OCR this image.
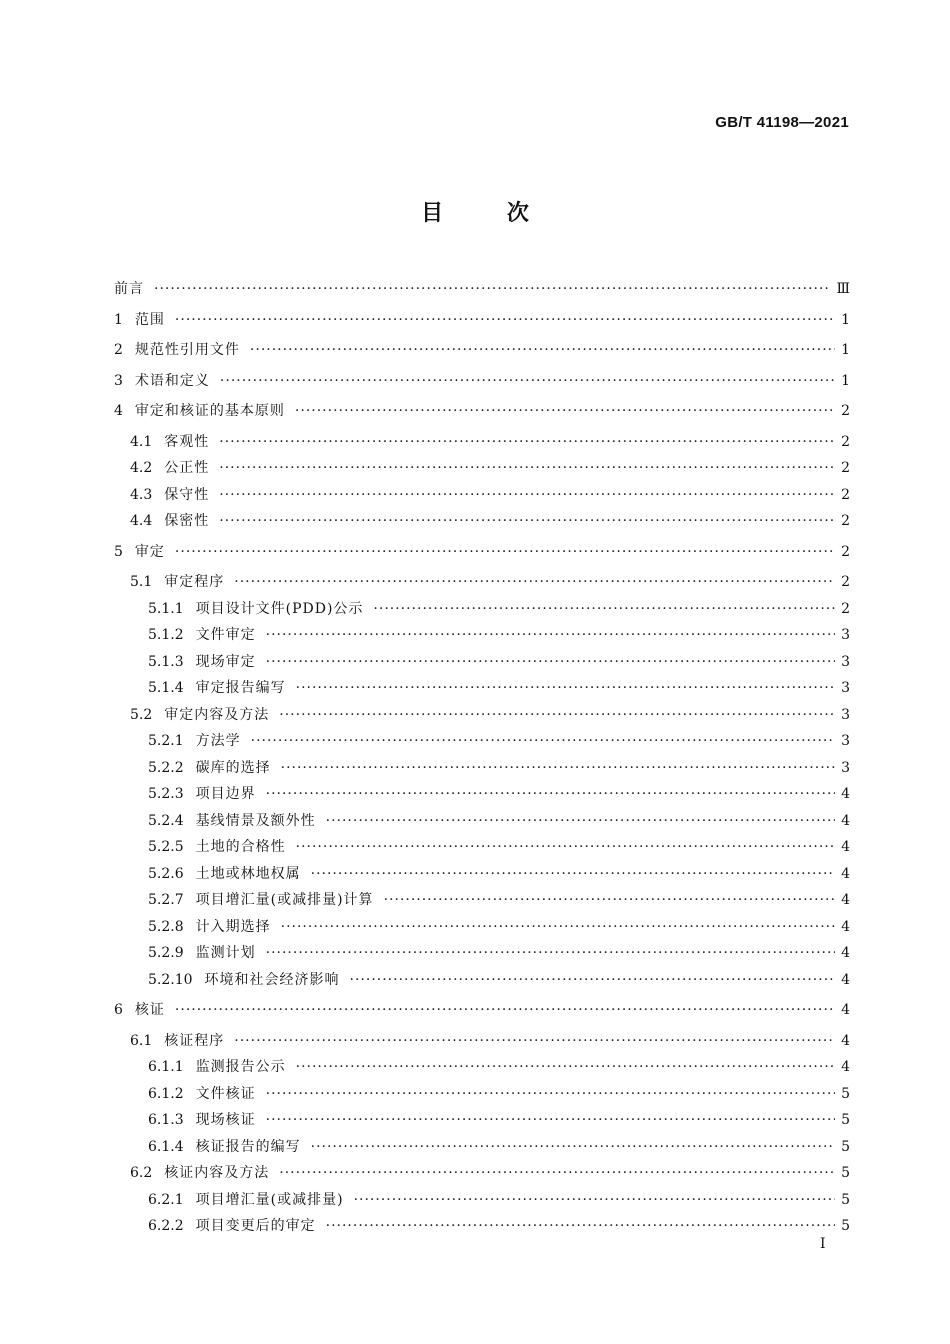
GB/T 41198—2021
目	次
前言 ·····	Ⅲ
1 范围 ·····	1
2 规范性引用文件 ·····	1
3 术语和定义 ·····	1
4 审定和核证的基本原则 ·····	2
4.1 客观性 ·····	2
4.2 公正性 ·····	2
4.3 保守性 ·····	2
4.4 保密性 ·····	2
5 审定 ·····	2
5.1 审定程序 ·····	2
5.1.1 项目设计文件(PDD)公示 ·····	2
5.1.2 文件审定 ·····	3
5.1.3 现场审定 ·····	3
5.1.4 审定报告编写 ·····	3
5.2 审定内容及方法 ·····	3
5.2.1 方法学 ·····	3
5.2.2 碳库的选择 ·····	3
5.2.3 项目边界 ·····	4
5.2.4 基线情景及额外性 ·····	4
5.2.5 土地的合格性 ·····	4
5.2.6 土地或林地权属 ·····	4
5.2.7 项目增汇量(或减排量)计算 ·····	4
5.2.8 计入期选择 ·····	4
5.2.9 监测计划 ·····	4
5.2.10 环境和社会经济影响 ·····	4
6 核证 ·····	4
6.1 核证程序 ·····	4
6.1.1 监测报告公示 ·····	4
6.1.2 文件核证 ·····	5
6.1.3 现场核证 ·····	5
6.1.4 核证报告的编写 ·····	5
6.2 核证内容及方法 ·····	5
6.2.1 项目增汇量(或减排量) ·····	5
6.2.2 项目变更后的审定 ·····	5
Ⅰ
